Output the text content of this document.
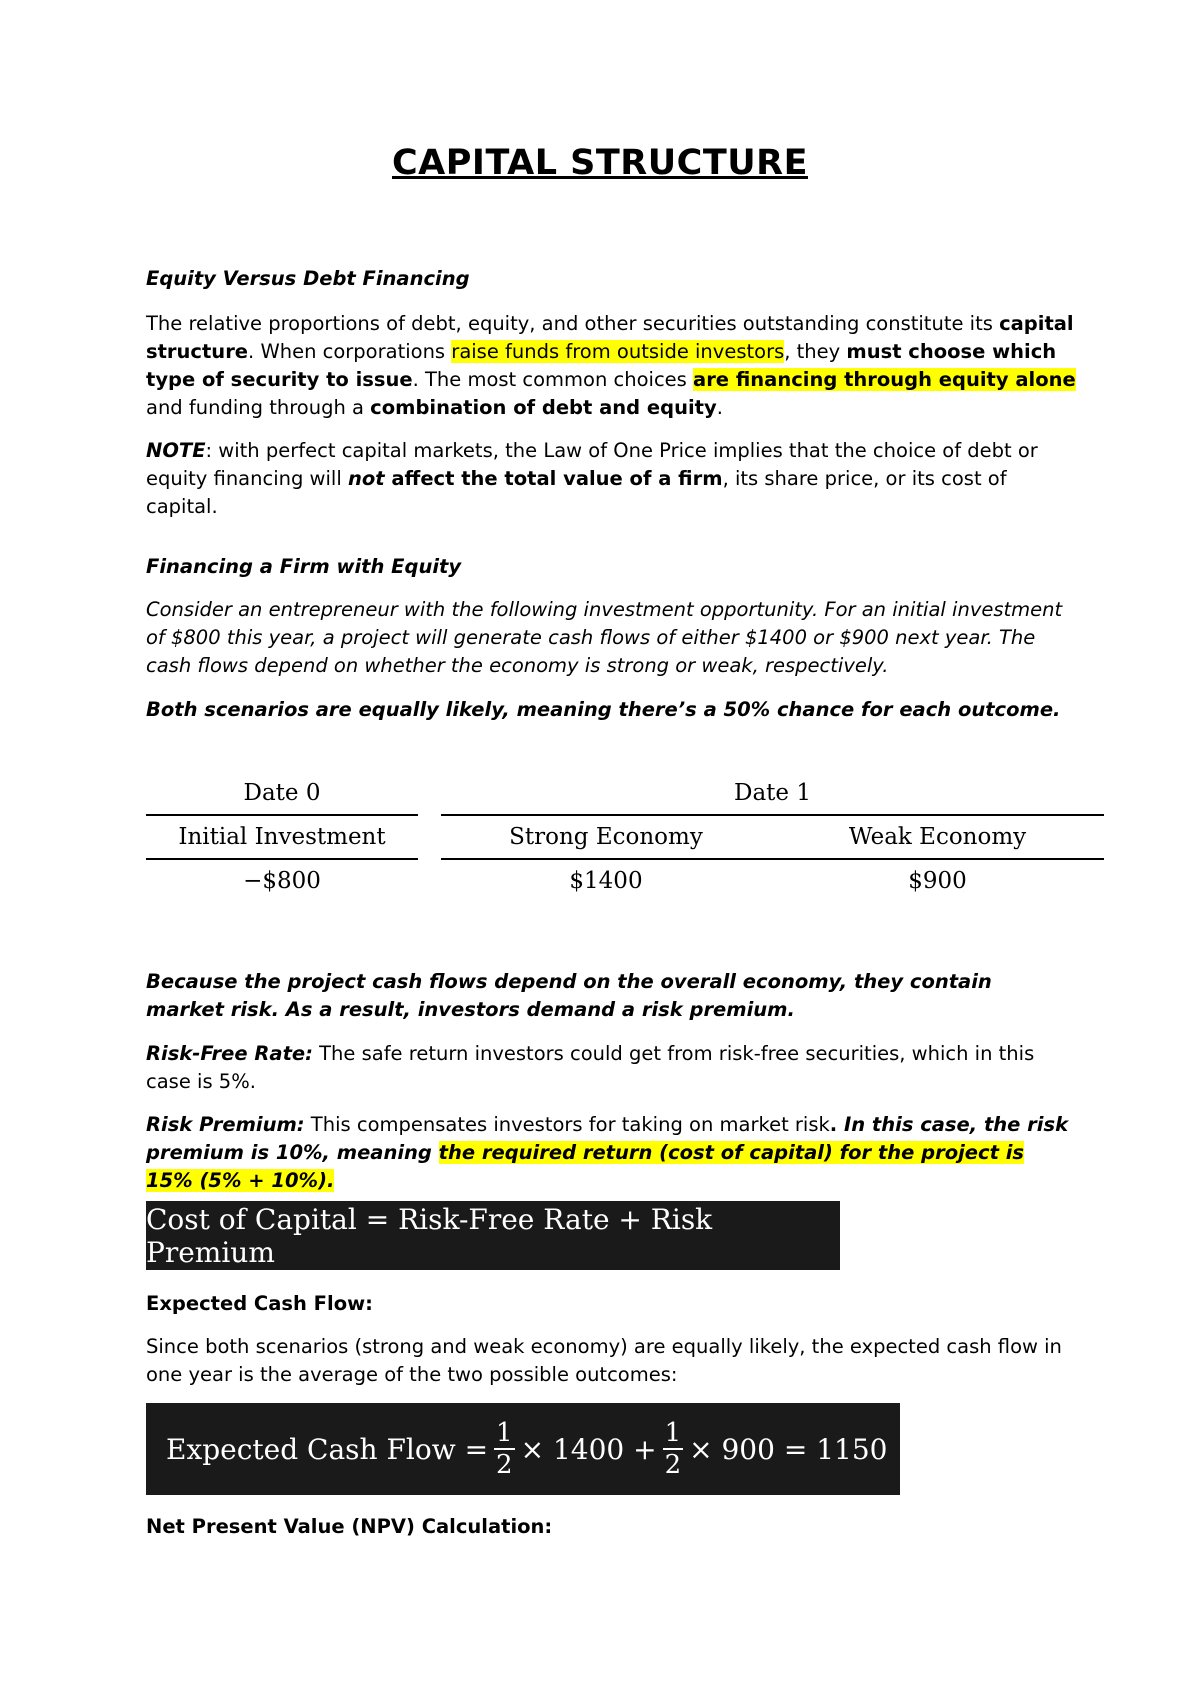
CAPITAL STRUCTURE
Equity Versus Debt Financing
The relative proportions of debt, equity, and other securities outstanding constitute its capital structure. When corporations raise funds from outside investors, they must choose which type of security to issue. The most common choices are financing through equity alone and funding through a combination of debt and equity.
NOTE: with perfect capital markets, the Law of One Price implies that the choice of debt or equity financing will not affect the total value of a firm, its share price, or its cost of capital.
Financing a Firm with Equity
Consider an entrepreneur with the following investment opportunity. For an initial investment of $800 this year, a project will generate cash flows of either $1400 or $900 next year. The cash flows depend on whether the economy is strong or weak, respectively.
Both scenarios are equally likely, meaning there’s a 50% chance for each outcome.
Date 0	Date 1
Initial Investment	Strong Economy	Weak Economy
−$800	$1400	$900
Because the project cash flows depend on the overall economy, they contain market risk. As a result, investors demand a risk premium.
Risk-Free Rate: The safe return investors could get from risk-free securities, which in this case is 5%.
Risk Premium: This compensates investors for taking on market risk. In this case, the risk premium is 10%, meaning the required return (cost of capital) for the project is 15% (5% + 10%).
Cost of Capital = Risk-Free Rate + Risk Premium
Expected Cash Flow:
Since both scenarios (strong and weak economy) are equally likely, the expected cash flow in one year is the average of the two possible outcomes:
Expected Cash Flow = $\frac{1}{2} \times 1400 + \frac{1}{2} \times 900 = 1150$
Net Present Value (NPV) Calculation:
